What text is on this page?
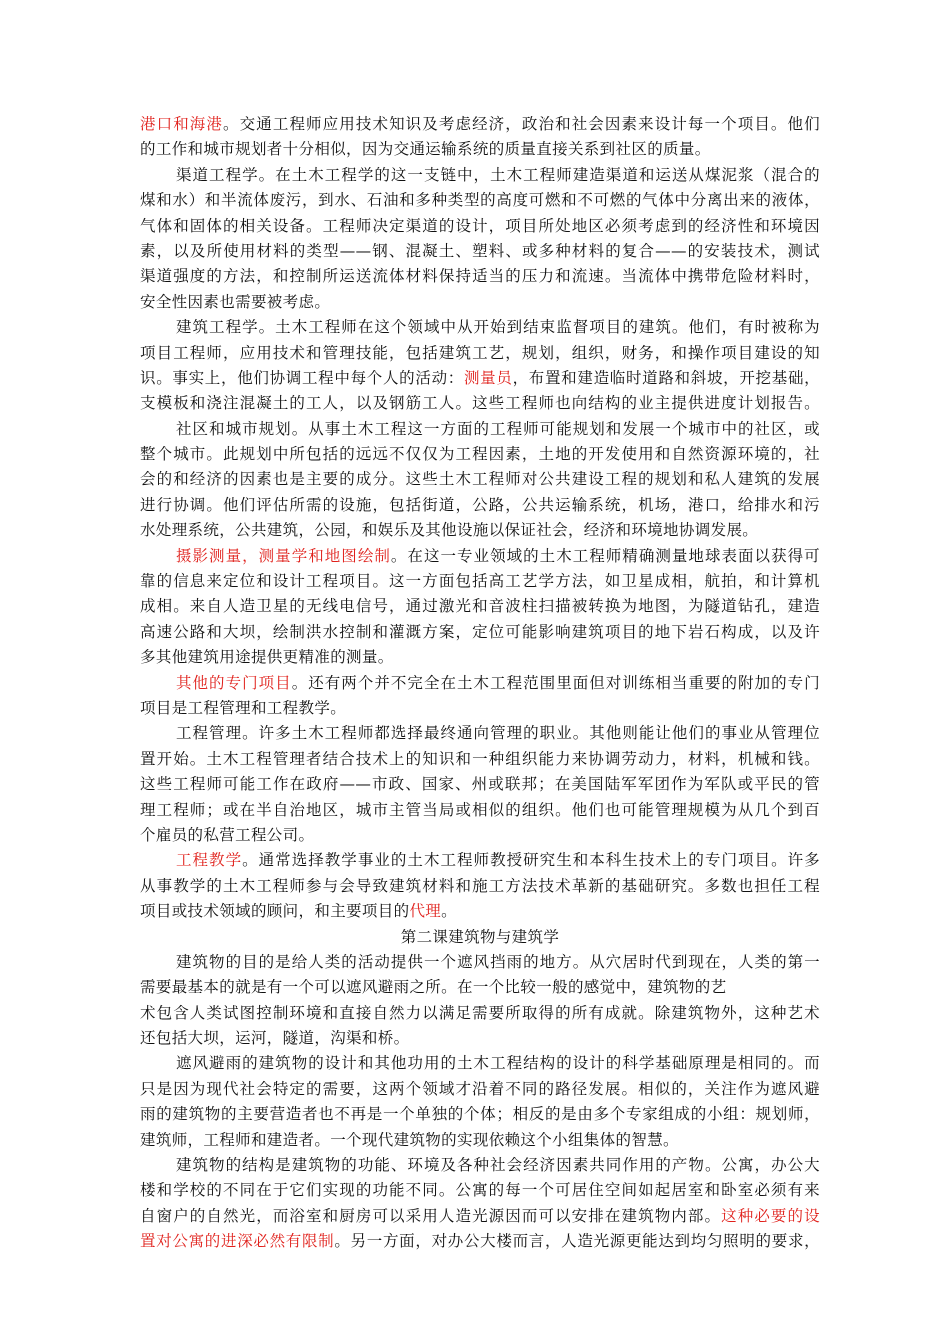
港口和海港。交通工程师应用技术知识及考虑经济，政治和社会因素来设计每一个项目。他们
的工作和城市规划者十分相似，因为交通运输系统的质量直接关系到社区的质量。
渠道工程学。在土木工程学的这一支链中，土木工程师建造渠道和运送从煤泥浆（混合的
煤和水）和半流体废污，到水、石油和多种类型的高度可燃和不可燃的气体中分离出来的液体，
气体和固体的相关设备。工程师决定渠道的设计，项目所处地区必须考虑到的经济性和环境因
素，以及所使用材料的类型——钢、混凝土、塑料、或多种材料的复合——的安装技术，测试
渠道强度的方法，和控制所运送流体材料保持适当的压力和流速。当流体中携带危险材料时，
安全性因素也需要被考虑。
建筑工程学。土木工程师在这个领域中从开始到结束监督项目的建筑。他们，有时被称为
项目工程师，应用技术和管理技能，包括建筑工艺，规划，组织，财务，和操作项目建设的知
识。事实上，他们协调工程中每个人的活动：测量员，布置和建造临时道路和斜坡，开挖基础，
支模板和浇注混凝土的工人，以及钢筋工人。这些工程师也向结构的业主提供进度计划报告。
社区和城市规划。从事土木工程这一方面的工程师可能规划和发展一个城市中的社区，或
整个城市。此规划中所包括的远远不仅仅为工程因素，土地的开发使用和自然资源环境的，社
会的和经济的因素也是主要的成分。这些土木工程师对公共建设工程的规划和私人建筑的发展
进行协调。他们评估所需的设施，包括街道，公路，公共运输系统，机场，港口，给排水和污
水处理系统，公共建筑，公园，和娱乐及其他设施以保证社会，经济和环境地协调发展。
摄影测量，测量学和地图绘制。在这一专业领域的土木工程师精确测量地球表面以获得可
靠的信息来定位和设计工程项目。这一方面包括高工艺学方法，如卫星成相，航拍，和计算机
成相。来自人造卫星的无线电信号，通过激光和音波柱扫描被转换为地图，为隧道钻孔，建造
高速公路和大坝，绘制洪水控制和灌溉方案，定位可能影响建筑项目的地下岩石构成，以及许
多其他建筑用途提供更精准的测量。
其他的专门项目。还有两个并不完全在土木工程范围里面但对训练相当重要的附加的专门
项目是工程管理和工程教学。
工程管理。许多土木工程师都选择最终通向管理的职业。其他则能让他们的事业从管理位
置开始。土木工程管理者结合技术上的知识和一种组织能力来协调劳动力，材料，机械和钱。
这些工程师可能工作在政府——市政、国家、州或联邦；在美国陆军军团作为军队或平民的管
理工程师；或在半自治地区，城市主管当局或相似的组织。他们也可能管理规模为从几个到百
个雇员的私营工程公司。
工程教学。通常选择教学事业的土木工程师教授研究生和本科生技术上的专门项目。许多
从事教学的土木工程师参与会导致建筑材料和施工方法技术革新的基础研究。多数也担任工程
项目或技术领域的顾问，和主要项目的代理。
第二课建筑物与建筑学
建筑物的目的是给人类的活动提供一个遮风挡雨的地方。从穴居时代到现在，人类的第一
需要最基本的就是有一个可以遮风避雨之所。在一个比较一般的感觉中，建筑物的艺
术包含人类试图控制环境和直接自然力以满足需要所取得的所有成就。除建筑物外，这种艺术
还包括大坝，运河，隧道，沟渠和桥。
遮风避雨的建筑物的设计和其他功用的土木工程结构的设计的科学基础原理是相同的。而
只是因为现代社会特定的需要，这两个领域才沿着不同的路径发展。相似的，关注作为遮风避
雨的建筑物的主要营造者也不再是一个单独的个体；相反的是由多个专家组成的小组：规划师，
建筑师，工程师和建造者。一个现代建筑物的实现依赖这个小组集体的智慧。
建筑物的结构是建筑物的功能、环境及各种社会经济因素共同作用的产物。公寓，办公大
楼和学校的不同在于它们实现的功能不同。公寓的每一个可居住空间如起居室和卧室必须有来
自窗户的自然光，而浴室和厨房可以采用人造光源因而可以安排在建筑物内部。这种必要的设
置对公寓的进深必然有限制。另一方面，对办公大楼而言，人造光源更能达到均匀照明的要求，
